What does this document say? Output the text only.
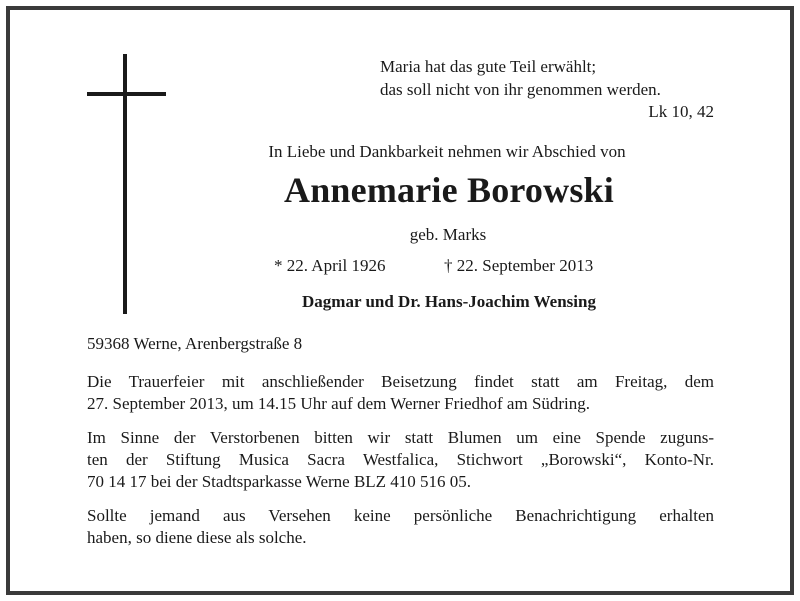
Maria hat das gute Teil erwählt;
das soll nicht von ihr genommen werden.
Lk 10, 42
In Liebe und Dankbarkeit nehmen wir Abschied von
Annemarie Borowski
geb. Marks
* 22. April 1926	† 22. September 2013
Dagmar und Dr. Hans-Joachim Wensing
59368 Werne, Arenbergstraße 8
Die Trauerfeier mit anschließender Beisetzung findet statt am Freitag, dem
27. September 2013, um 14.15 Uhr auf dem Werner Friedhof am Südring.
Im Sinne der Verstorbenen bitten wir statt Blumen um eine Spende zuguns-
ten der Stiftung Musica Sacra Westfalica, Stichwort „Borowski“, Konto-Nr.
70 14 17 bei der Stadtsparkasse Werne BLZ 410 516 05.
Sollte jemand aus Versehen keine persönliche Benachrichtigung erhalten
haben, so diene diese als solche.
